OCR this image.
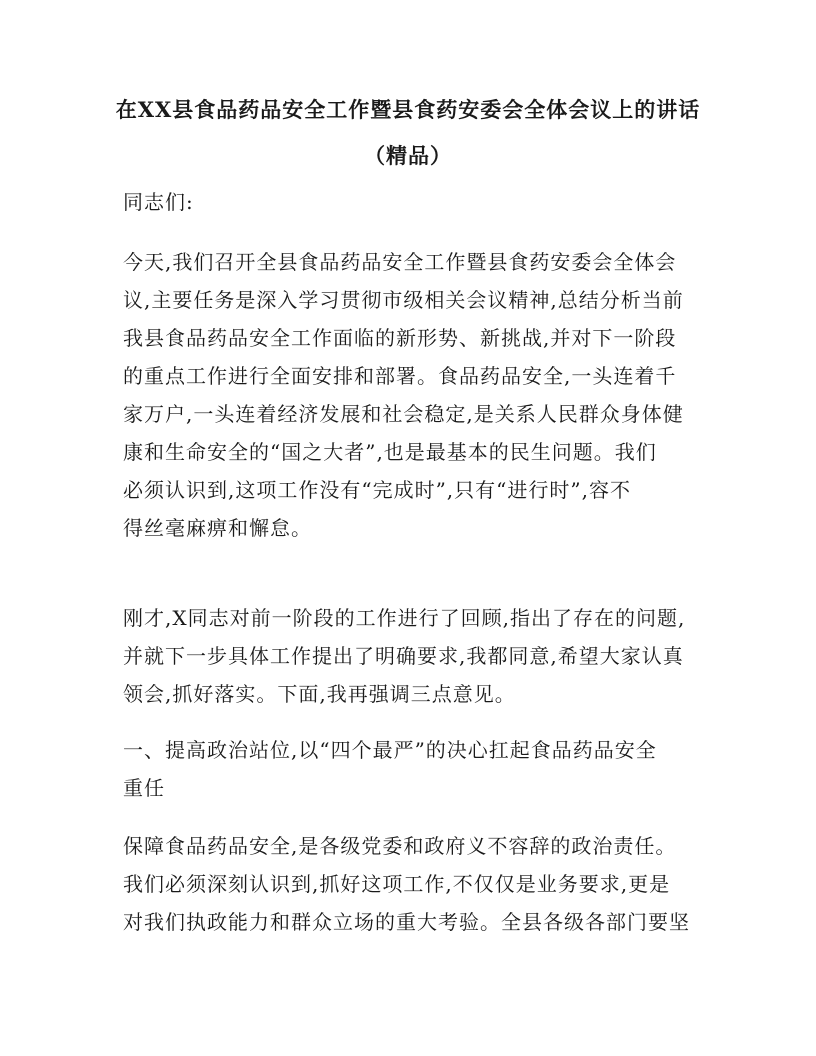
在XX县食品药品安全工作暨县食药安委会全体会议上的讲话
（精品）
同志们:
今天,我们召开全县食品药品安全工作暨县食药安委会全体会
议,主要任务是深入学习贯彻市级相关会议精神,总结分析当前
我县食品药品安全工作面临的新形势、新挑战,并对下一阶段
的重点工作进行全面安排和部署。食品药品安全,一头连着千
家万户,一头连着经济发展和社会稳定,是关系人民群众身体健
康和生命安全的“国之大者”,也是最基本的民生问题。我们
必须认识到,这项工作没有“完成时”,只有“进行时”,容不
得丝毫麻痹和懈怠。
刚才,X同志对前一阶段的工作进行了回顾,指出了存在的问题,
并就下一步具体工作提出了明确要求,我都同意,希望大家认真
领会,抓好落实。下面,我再强调三点意见。
一、提高政治站位,以“四个最严”的决心扛起食品药品安全
重任
保障食品药品安全,是各级党委和政府义不容辞的政治责任。
我们必须深刻认识到,抓好这项工作,不仅仅是业务要求,更是
对我们执政能力和群众立场的重大考验。全县各级各部门要坚
